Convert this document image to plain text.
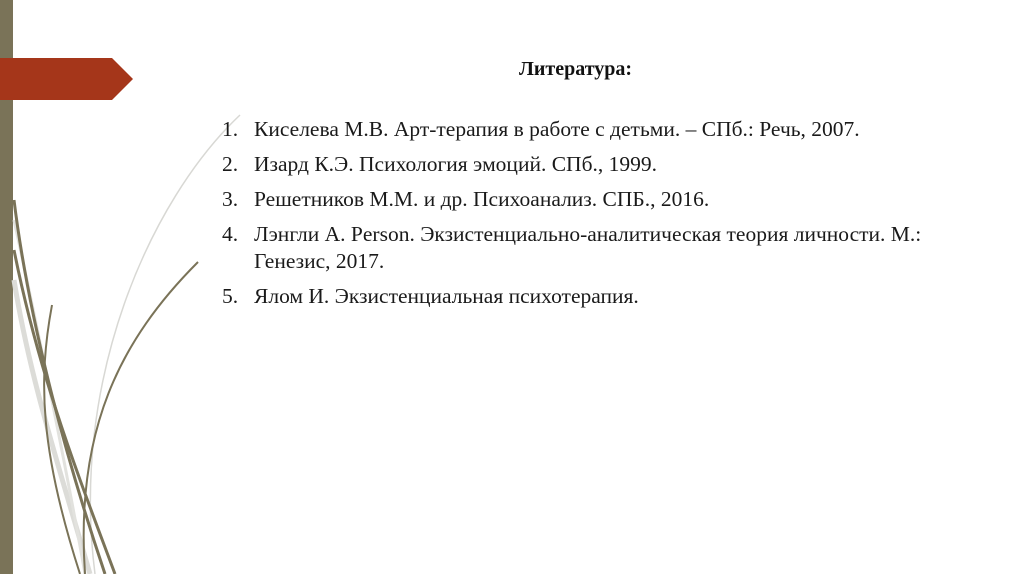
Литература:
1. Киселева М.В. Арт-терапия в работе с детьми. – СПб.: Речь, 2007.
2. Изард К.Э. Психология эмоций. СПб., 1999.
3. Решетников М.М. и др. Психоанализ. СПБ., 2016.
4. Лэнгли А. Person. Экзистенциально-аналитическая теория личности. М.: Генезис, 2017.
5. Ялом И. Экзистенциальная психотерапия.
